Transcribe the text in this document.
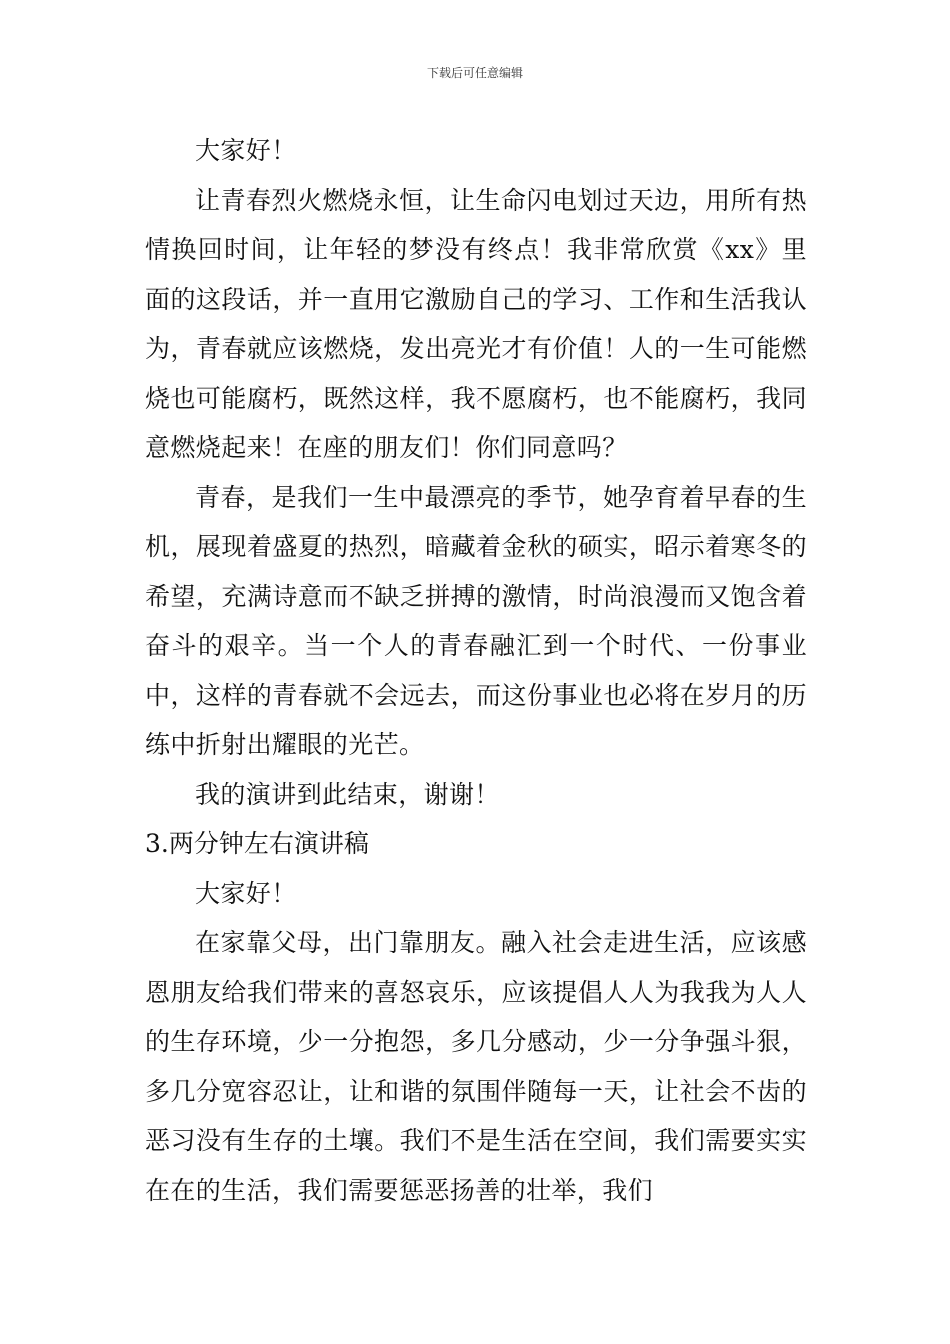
下载后可任意编辑

大家好！

让青春烈火燃烧永恒，让生命闪电划过天边，用所有热情换回时间，让年轻的梦没有终点！我非常欣赏《xx》里面的这段话，并一直用它激励自己的学习、工作和生活我认为，青春就应该燃烧，发出亮光才有价值！人的一生可能燃烧也可能腐朽，既然这样，我不愿腐朽，也不能腐朽，我同意燃烧起来！在座的朋友们！你们同意吗？

青春，是我们一生中最漂亮的季节，她孕育着早春的生机，展现着盛夏的热烈，暗藏着金秋的硕实，昭示着寒冬的希望，充满诗意而不缺乏拼搏的激情，时尚浪漫而又饱含着奋斗的艰辛。当一个人的青春融汇到一个时代、一份事业中，这样的青春就不会远去，而这份事业也必将在岁月的历练中折射出耀眼的光芒。

我的演讲到此结束，谢谢！

3.两分钟左右演讲稿

大家好！

在家靠父母，出门靠朋友。融入社会走进生活，应该感恩朋友给我们带来的喜怒哀乐，应该提倡人人为我我为人人的生存环境，少一分抱怨，多几分感动，少一分争强斗狠，多几分宽容忍让，让和谐的氛围伴随每一天，让社会不齿的恶习没有生存的土壤。我们不是生活在空间，我们需要实实在在的生活，我们需要惩恶扬善的壮举，我们
